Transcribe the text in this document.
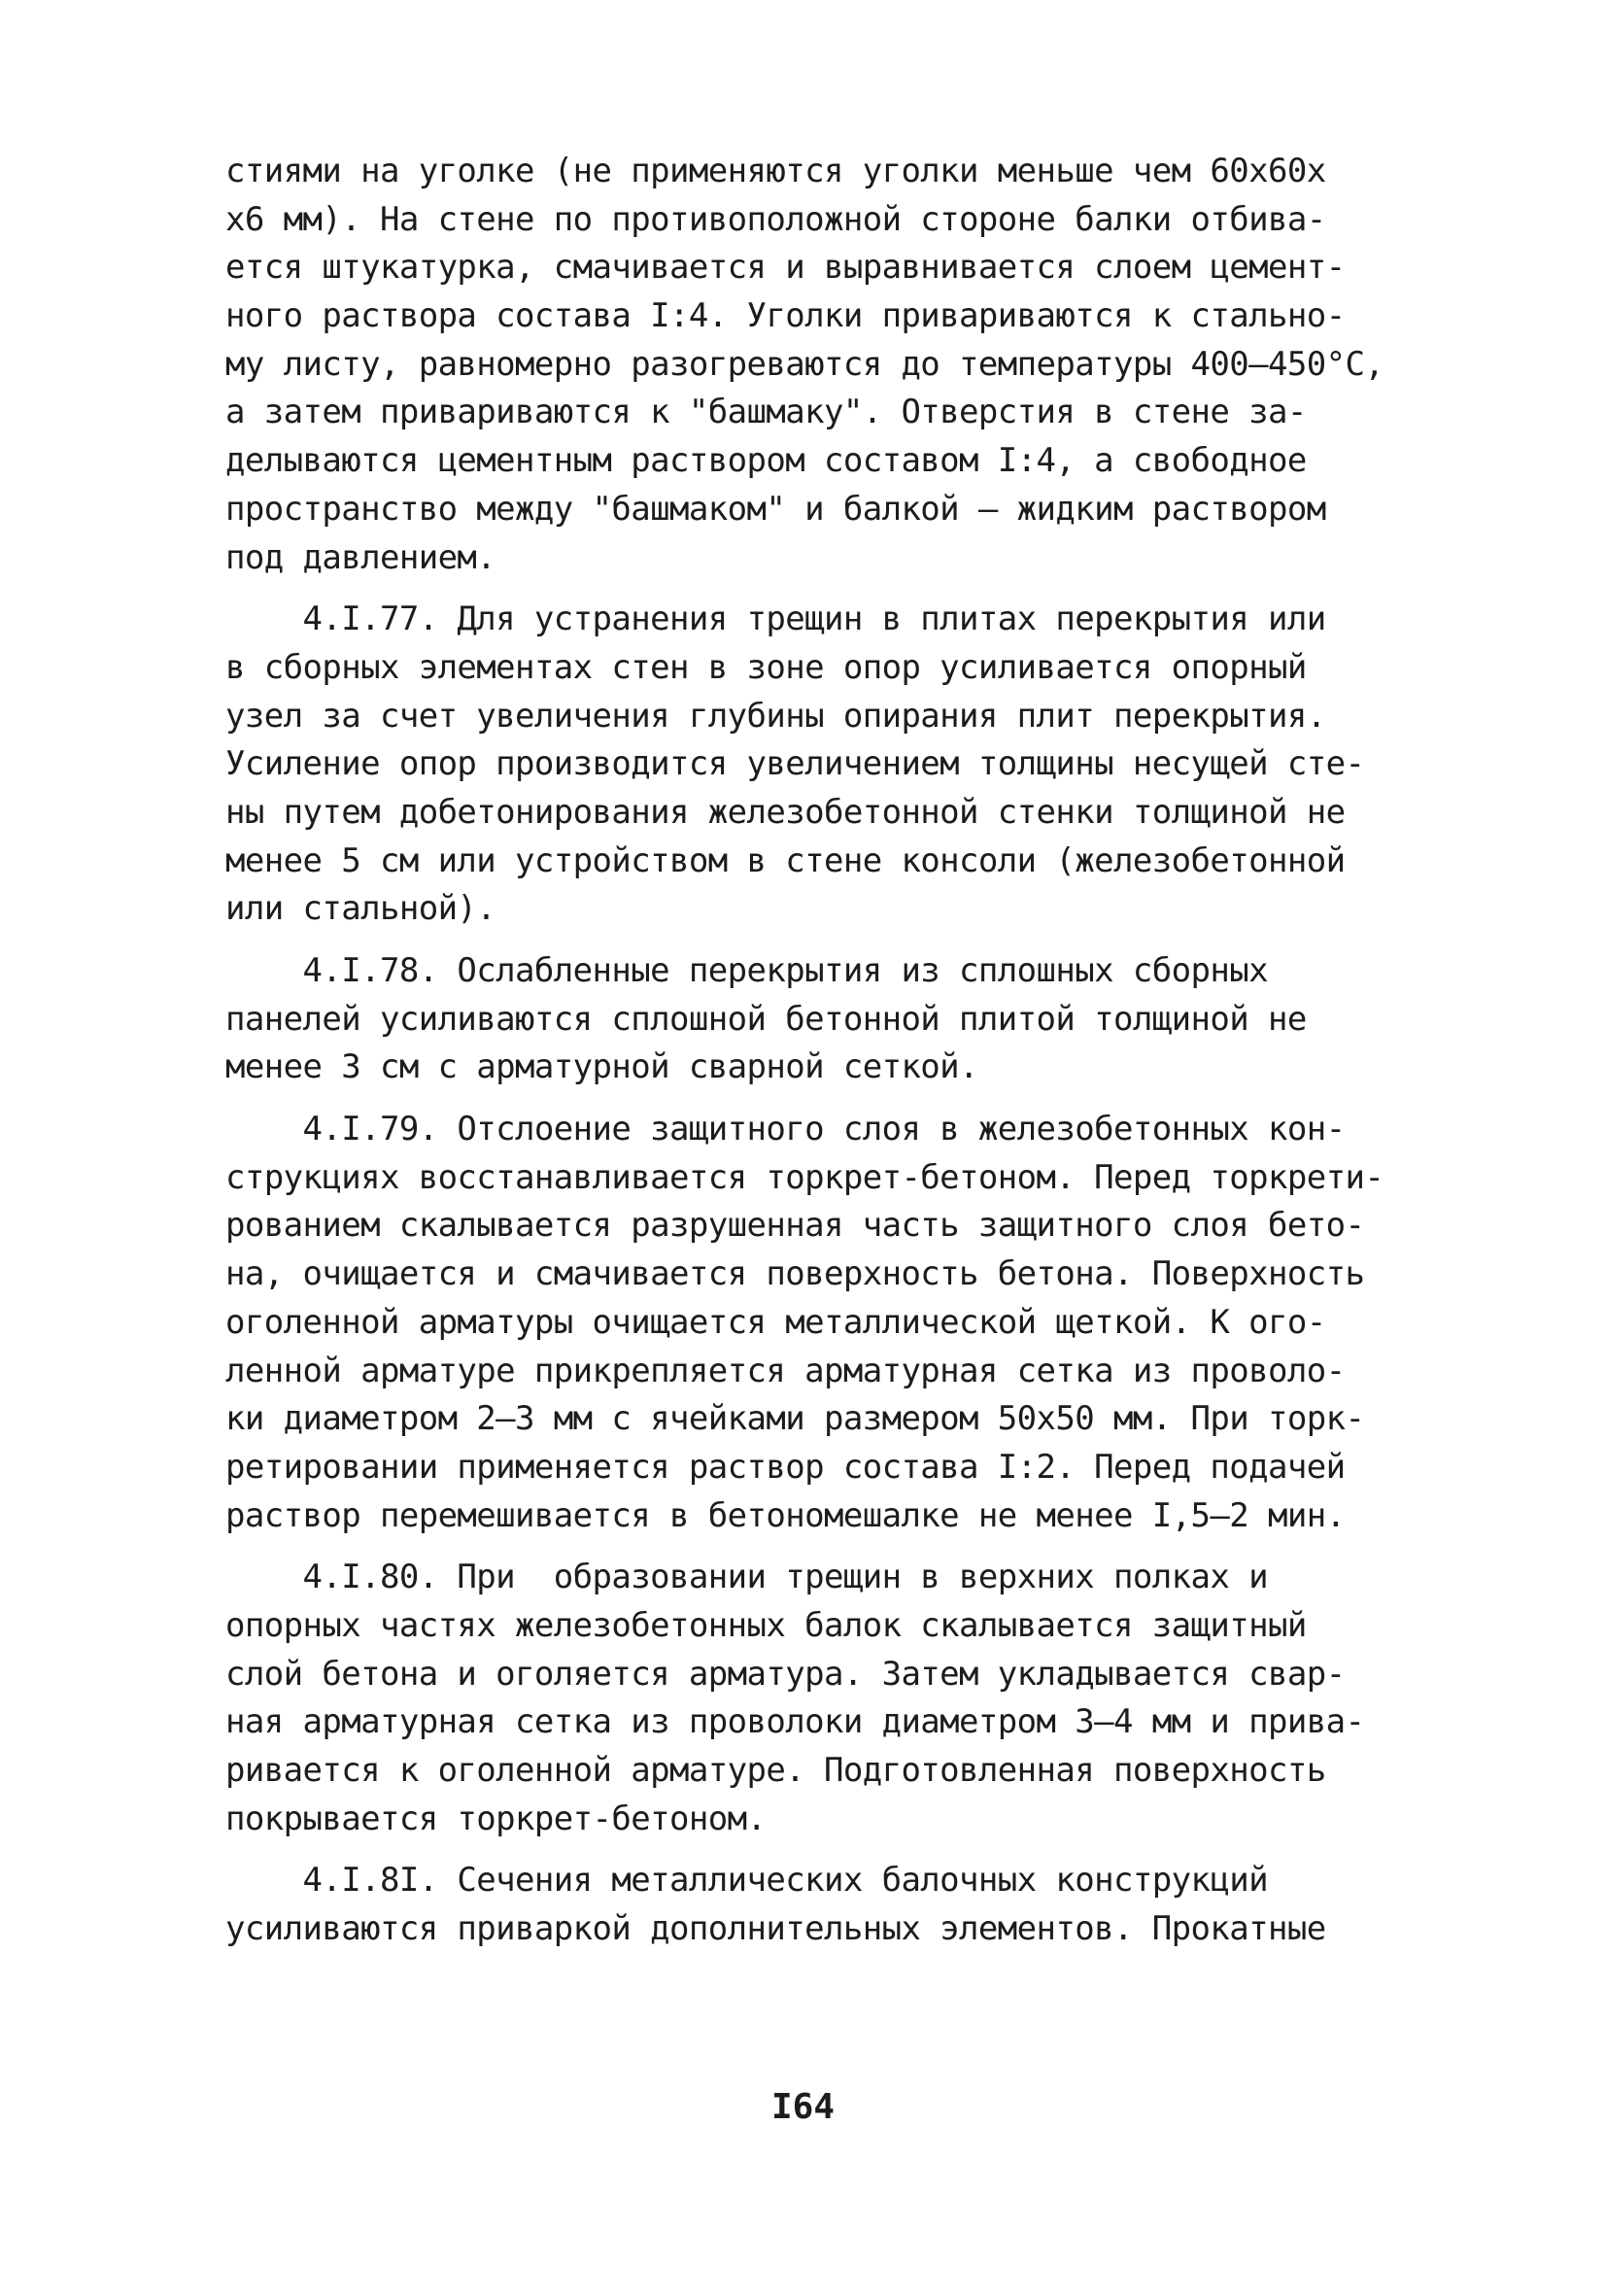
стиями на уголке (не применяются уголки меньше чем 60x60x
x6 мм). На стене по противоположной стороне балки отбива-
ется штукатурка, смачивается и выравнивается слоем цемент-
ного раствора состава I:4. Уголки привариваются к стально-
му листу, равномерно разогреваются до температуры 400–450°C,
а затем привариваются к "башмаку". Отверстия в стене за-
делываются цементным раствором составом I:4, а свободное
пространство между "башмаком" и балкой – жидким раствором
под давлением.
4.I.77. Для устранения трещин в плитах перекрытия или
в сборных элементах стен в зоне опор усиливается опорный
узел за счет увеличения глубины опирания плит перекрытия.
Усиление опор производится увеличением толщины несущей сте-
ны путем добетонирования железобетонной стенки толщиной не
менее 5 см или устройством в стене консоли (железобетонной
или стальной).
4.I.78. Ослабленные перекрытия из сплошных сборных
панелей усиливаются сплошной бетонной плитой толщиной не
менее 3 см с арматурной сварной сеткой.
4.I.79. Отслоение защитного слоя в железобетонных кон-
струкциях восстанавливается торкрет-бетоном. Перед торкрети-
рованием скалывается разрушенная часть защитного слоя бето-
на, очищается и смачивается поверхность бетона. Поверхность
оголенной арматуры очищается металлической щеткой. К ого-
ленной арматуре прикрепляется арматурная сетка из проволо-
ки диаметром 2–3 мм с ячейками размером 50x50 мм. При торк-
ретировании применяется раствор состава I:2. Перед подачей
раствор перемешивается в бетономешалке не менее I,5–2 мин.
4.I.80. При  образовании трещин в верхних полках и
опорных частях железобетонных балок скалывается защитный
слой бетона и оголяется арматура. Затем укладывается свар-
ная арматурная сетка из проволоки диаметром 3–4 мм и прива-
ривается к оголенной арматуре. Подготовленная поверхность
покрывается торкрет-бетоном.
4.I.8I. Сечения металлических балочных конструкций
усиливаются приваркой дополнительных элементов. Прокатные
I64
